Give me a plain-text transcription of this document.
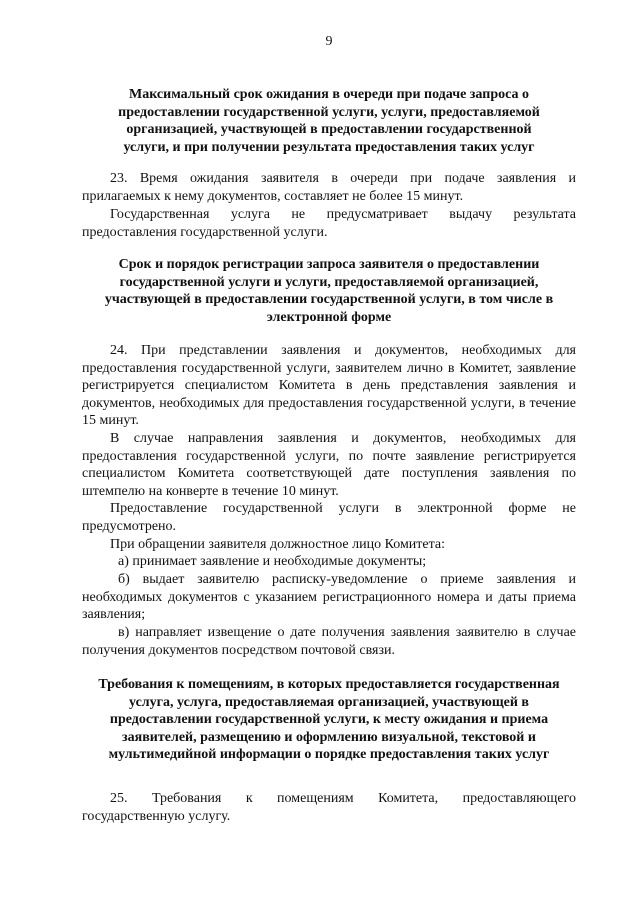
9

Максимальный срок ожидания в очереди при подаче запроса о предоставлении государственной услуги, услуги, предоставляемой организацией, участвующей в предоставлении государственной услуги, и при получении результата предоставления таких услуг

23. Время ожидания заявителя в очереди при подаче заявления и прилагаемых к нему документов, составляет не более 15 минут.

Государственная услуга не предусматривает выдачу результата предоставления государственной услуги.

Срок и порядок регистрации запроса заявителя о предоставлении государственной услуги и услуги, предоставляемой организацией, участвующей в предоставлении государственной услуги, в том числе в электронной форме

24. При представлении заявления и документов, необходимых для предоставления государственной услуги, заявителем лично в Комитет, заявление регистрируется специалистом Комитета в день представления заявления и документов, необходимых для предоставления государственной услуги, в течение 15 минут.

В случае направления заявления и документов, необходимых для предоставления государственной услуги, по почте заявление регистрируется специалистом Комитета соответствующей дате поступления заявления по штемпелю на конверте в течение 10 минут.

Предоставление государственной услуги в электронной форме не предусмотрено.

При обращении заявителя должностное лицо Комитета:

а) принимает заявление и необходимые документы;

б) выдает заявителю расписку-уведомление о приеме заявления и необходимых документов с указанием регистрационного номера и даты приема заявления;

в) направляет извещение о дате получения заявления заявителю в случае получения документов посредством почтовой связи.

Требования к помещениям, в которых предоставляется государственная услуга, услуга, предоставляемая организацией, участвующей в предоставлении государственной услуги, к месту ожидания и приема заявителей, размещению и оформлению визуальной, текстовой и мультимедийной информации о порядке предоставления таких услуг

25. Требования к помещениям Комитета, предоставляющего государственную услугу.
